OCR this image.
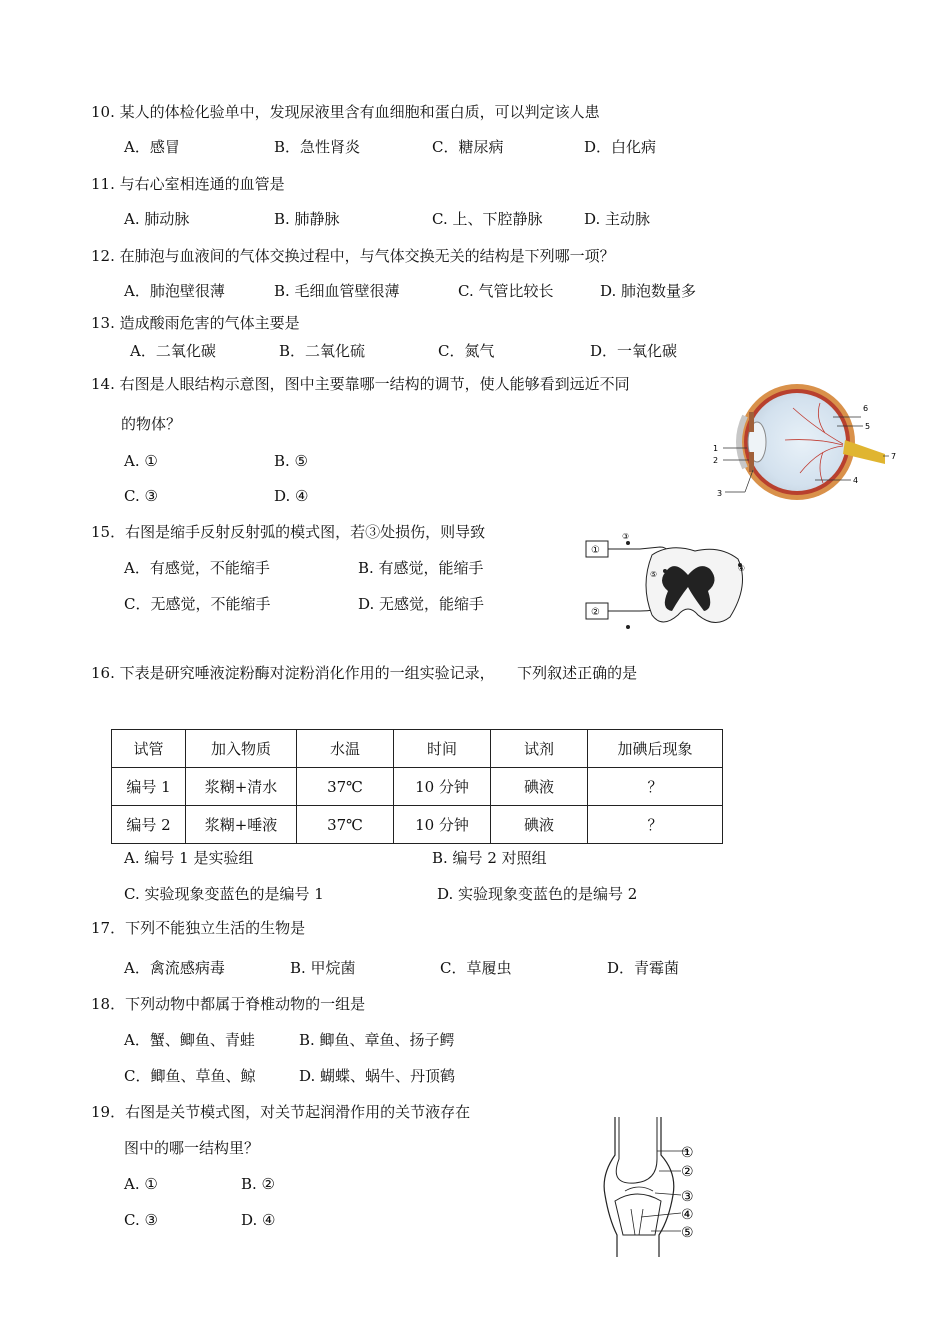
10. 某人的体检化验单中，发现尿液里含有血细胞和蛋白质，可以判定该人患
A．感冒	B．急性肾炎	C．糖尿病	D．白化病
11. 与右心室相连通的血管是
A. 肺动脉	B. 肺静脉	C. 上、下腔静脉	D. 主动脉
12. 在肺泡与血液间的气体交换过程中，与气体交换无关的结构是下列哪一项？
A．肺泡壁很薄	B. 毛细血管壁很薄	C. 气管比较长	D. 肺泡数量多
13. 造成酸雨危害的气体主要是
A．二氧化碳	B．二氧化硫	C．氮气	D．一氧化碳
14. 右图是人眼结构示意图，图中主要靠哪一结构的调节，使人能够看到远近不同
的物体？
A. ①	B. ⑤
C. ③	D. ④
1
2
3
4
5
6
7
15．右图是缩手反射反射弧的模式图，若③处损伤，则导致
A．有感觉，不能缩手	B. 有感觉，能缩手
C．无感觉，不能缩手	D. 无感觉，能缩手
①
②
③
④
⑤
16. 下表是研究唾液淀粉酶对淀粉消化作用的一组实验记录，　　下列叙述正确的是
试管	加入物质	水温	时间	试剂	加碘后现象
编号 1	浆糊+清水	37℃	10 分钟	碘液	？
编号 2	浆糊+唾液	37℃	10 分钟	碘液	？
A. 编号 1 是实验组	B. 编号 2 对照组
C. 实验现象变蓝色的是编号 1	D. 实验现象变蓝色的是编号 2
17．下列不能独立生活的生物是
A．禽流感病毒	B. 甲烷菌	C．草履虫	D．青霉菌
18．下列动物中都属于脊椎动物的一组是
A．蟹、鲫鱼、青蛙	B. 鲫鱼、章鱼、扬子鳄
C．鲫鱼、草鱼、鲸	D. 蝴蝶、蜗牛、丹顶鹤
19．右图是关节模式图，对关节起润滑作用的关节液存在
图中的哪一结构里？
A. ①	B. ②
C. ③	D. ④
①
②
③
④
⑤
